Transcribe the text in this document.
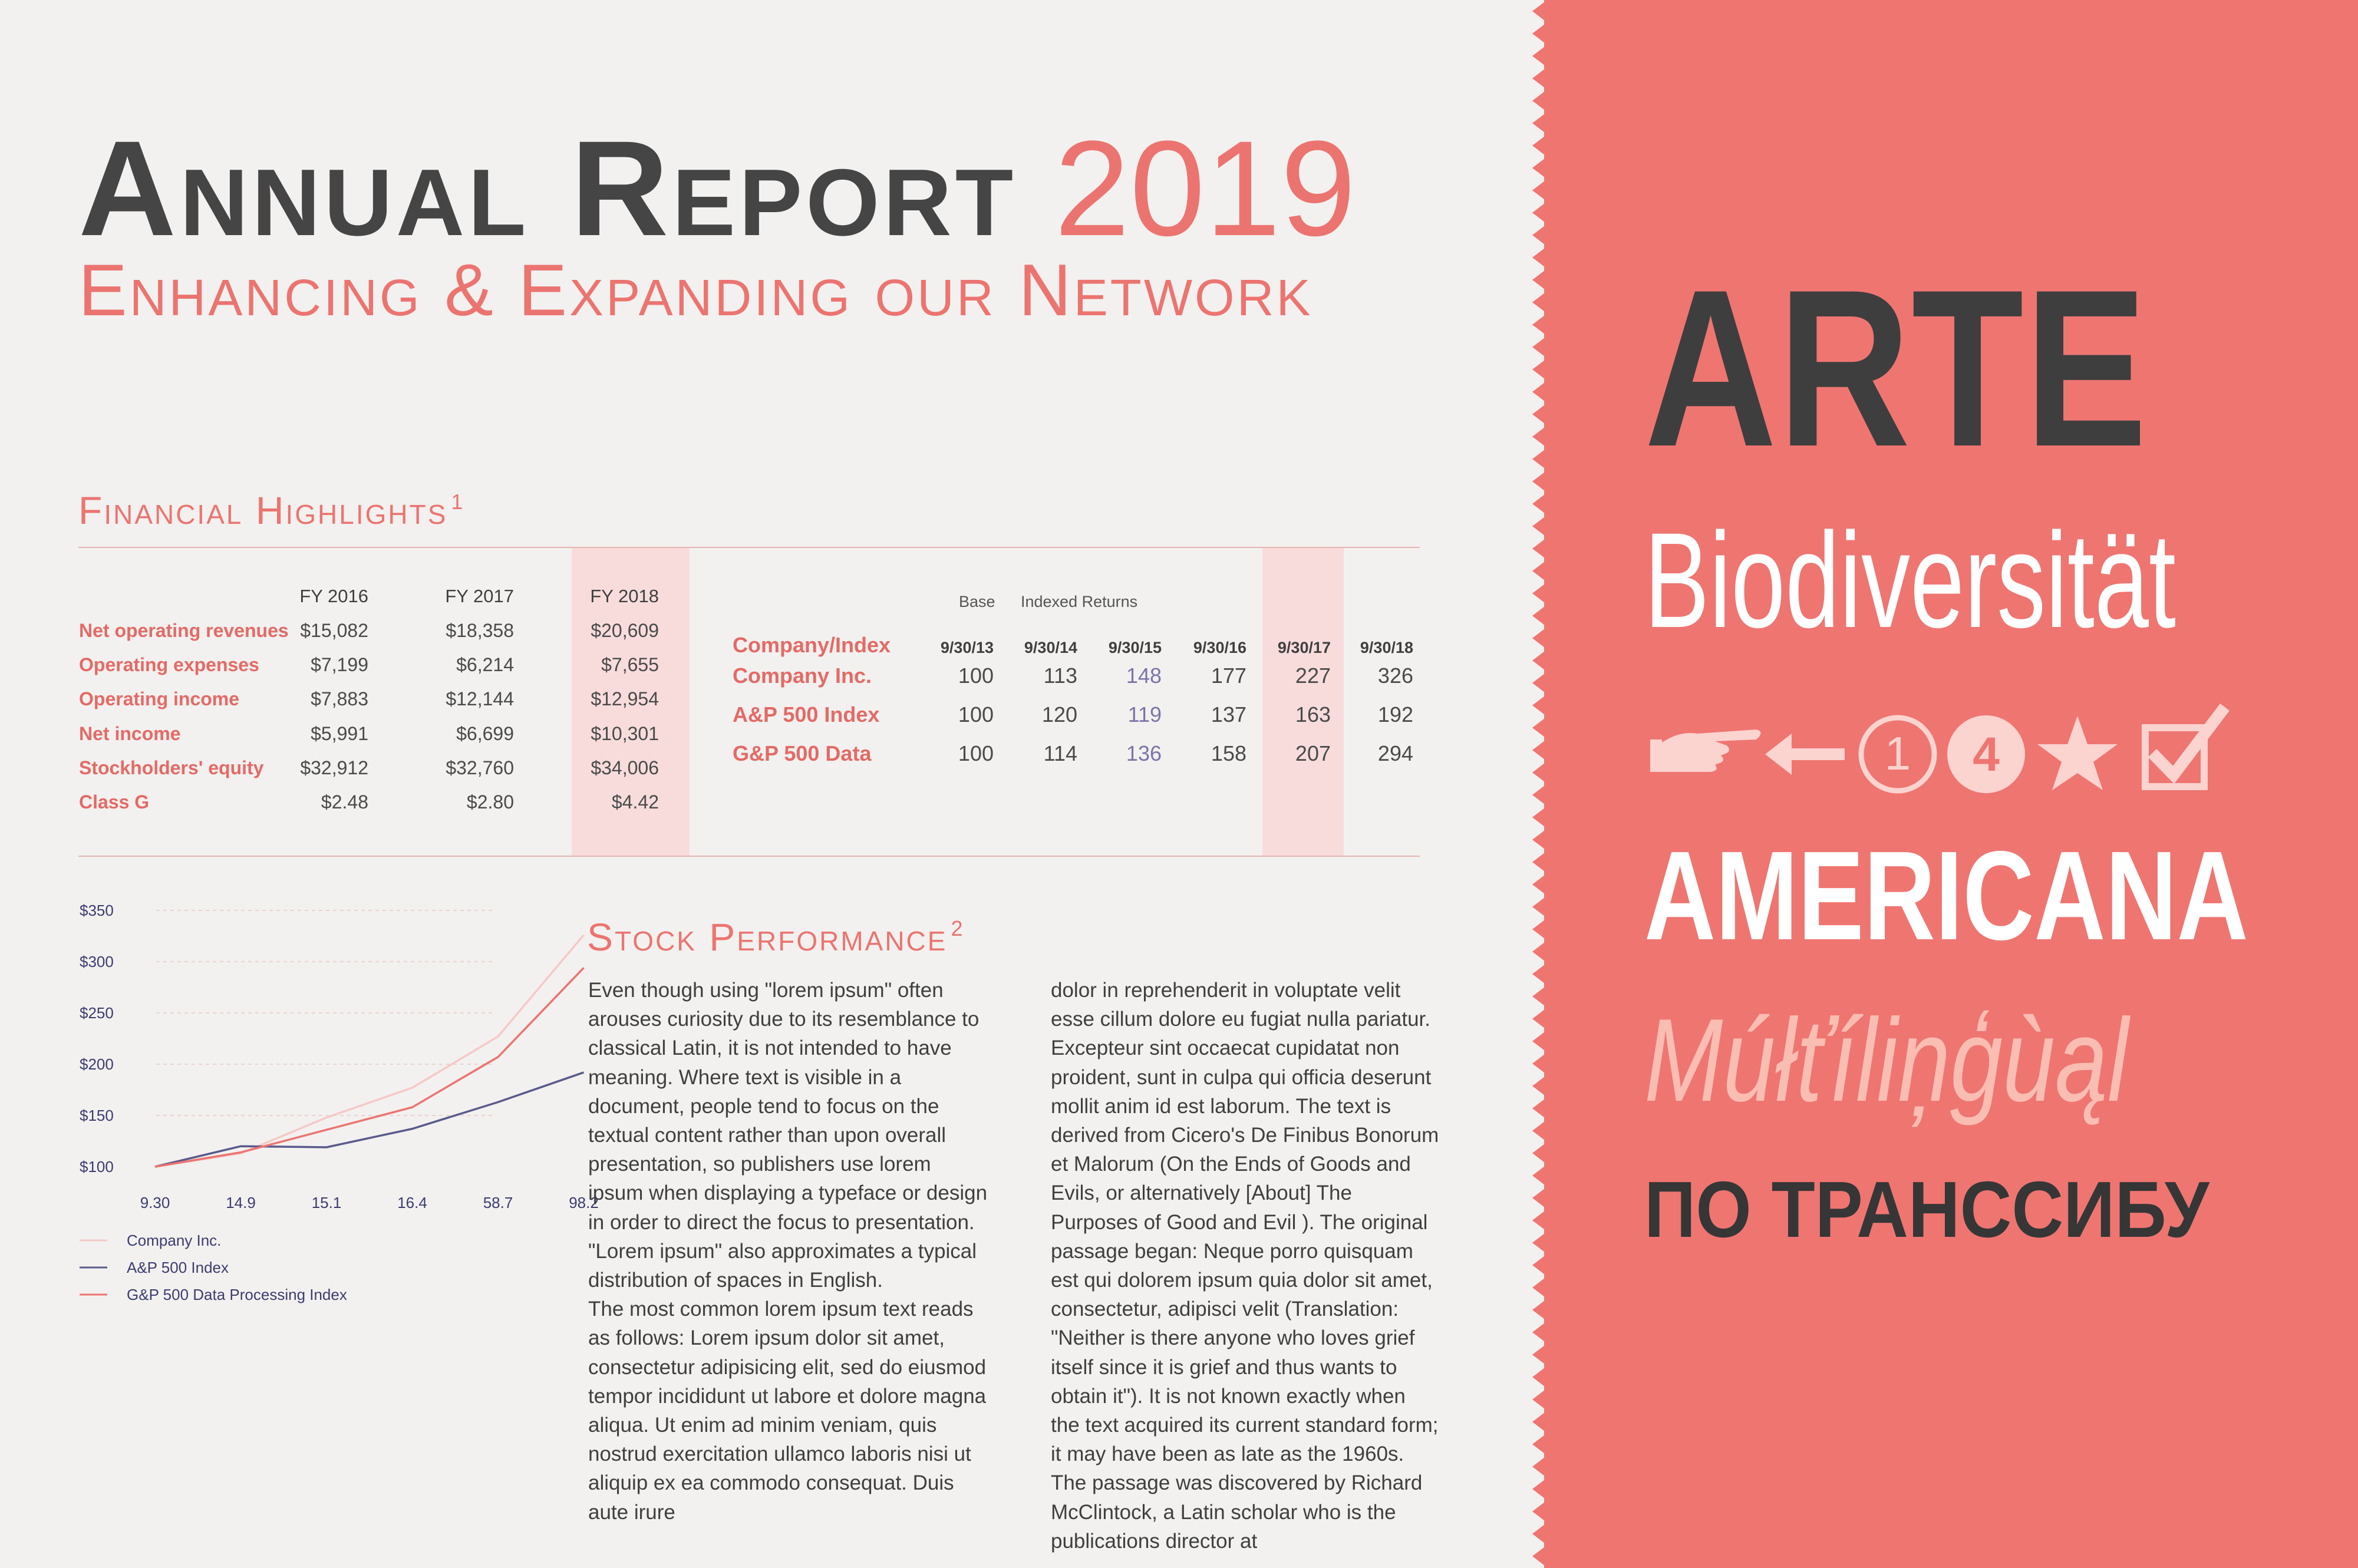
Annual Report 2019
Enhancing & Expanding our Network
Financial Highlights $^1$
FY 2016	FY 2017	FY 2018
Net operating revenues $15,082	$18,358	$20,609
Operating expenses	$7,199	$6,214	$7,655
Operating income	$7,883	$12,144	$12,954
Net income	$5,991	$6,699	$10,301
Stockholders' equity	$32,912	$32,760	$34,006
Class G	$2.48	$2.80	$4.42
Base Indexed Returns
Company/Index	9/30/13	9/30/14	9/30/15	9/30/16	9/30/17	9/30/18
Company Inc.	100	113	148	177	227	326
A&P 500 Index	100	120	119	137	163	192
G&P 500 Data	100	114	136	158	207	294
$100
$150
$200
$250
$300
$350
9.30	14.9	15.1	16.4	58.7	98.2
Company Inc.
A&P 500 Index
G&P 500 Data Processing Index
Stock Performance $^2$

Even though using "lorem ipsum" often arouses curiosity due to its resemblance to classical Latin, it is not intended to have meaning. Where text is visible in a document, people tend to focus on the textual content rather than upon overall presentation, so publishers use lorem ipsum when displaying a typeface or design in order to direct the focus to presentation. "Lorem ipsum" also approximates a typical distribution of spaces in English.

The most common lorem ipsum text reads as follows: Lorem ipsum dolor sit amet, consectetur adipisicing elit, sed do eiusmod tempor incididunt ut labore et dolore magna aliqua. Ut enim ad minim veniam, quis nostrud exercitation ullamco laboris nisi ut aliquip ex ea commodo consequat. Duis aute irure

dolor in reprehenderit in voluptate velit esse cillum dolore eu fugiat nulla pariatur. Excepteur sint occaecat cupidatat non proident, sunt in culpa qui officia deserunt mollit anim id est laborum. The text is derived from Cicero's De Finibus Bonorum et Malorum (On the Ends of Goods and Evils, or alternatively [About] The Purposes of Good and Evil ). The original passage began: Neque porro quisquam est qui dolorem ipsum quia dolor sit amet, consectetur, adipisci velit (Translation: "Neither is there anyone who loves grief itself since it is grief and thus wants to obtain it"). It is not known exactly when the text acquired its current standard form; it may have been as late as the 1960s. The passage was discovered by Richard McClintock, a Latin scholar who is the publications director at

ARTE
Biodiversität
1 4
AMERICANA
Múłťíliņģùąl
ПО ТРАНССИБУ
